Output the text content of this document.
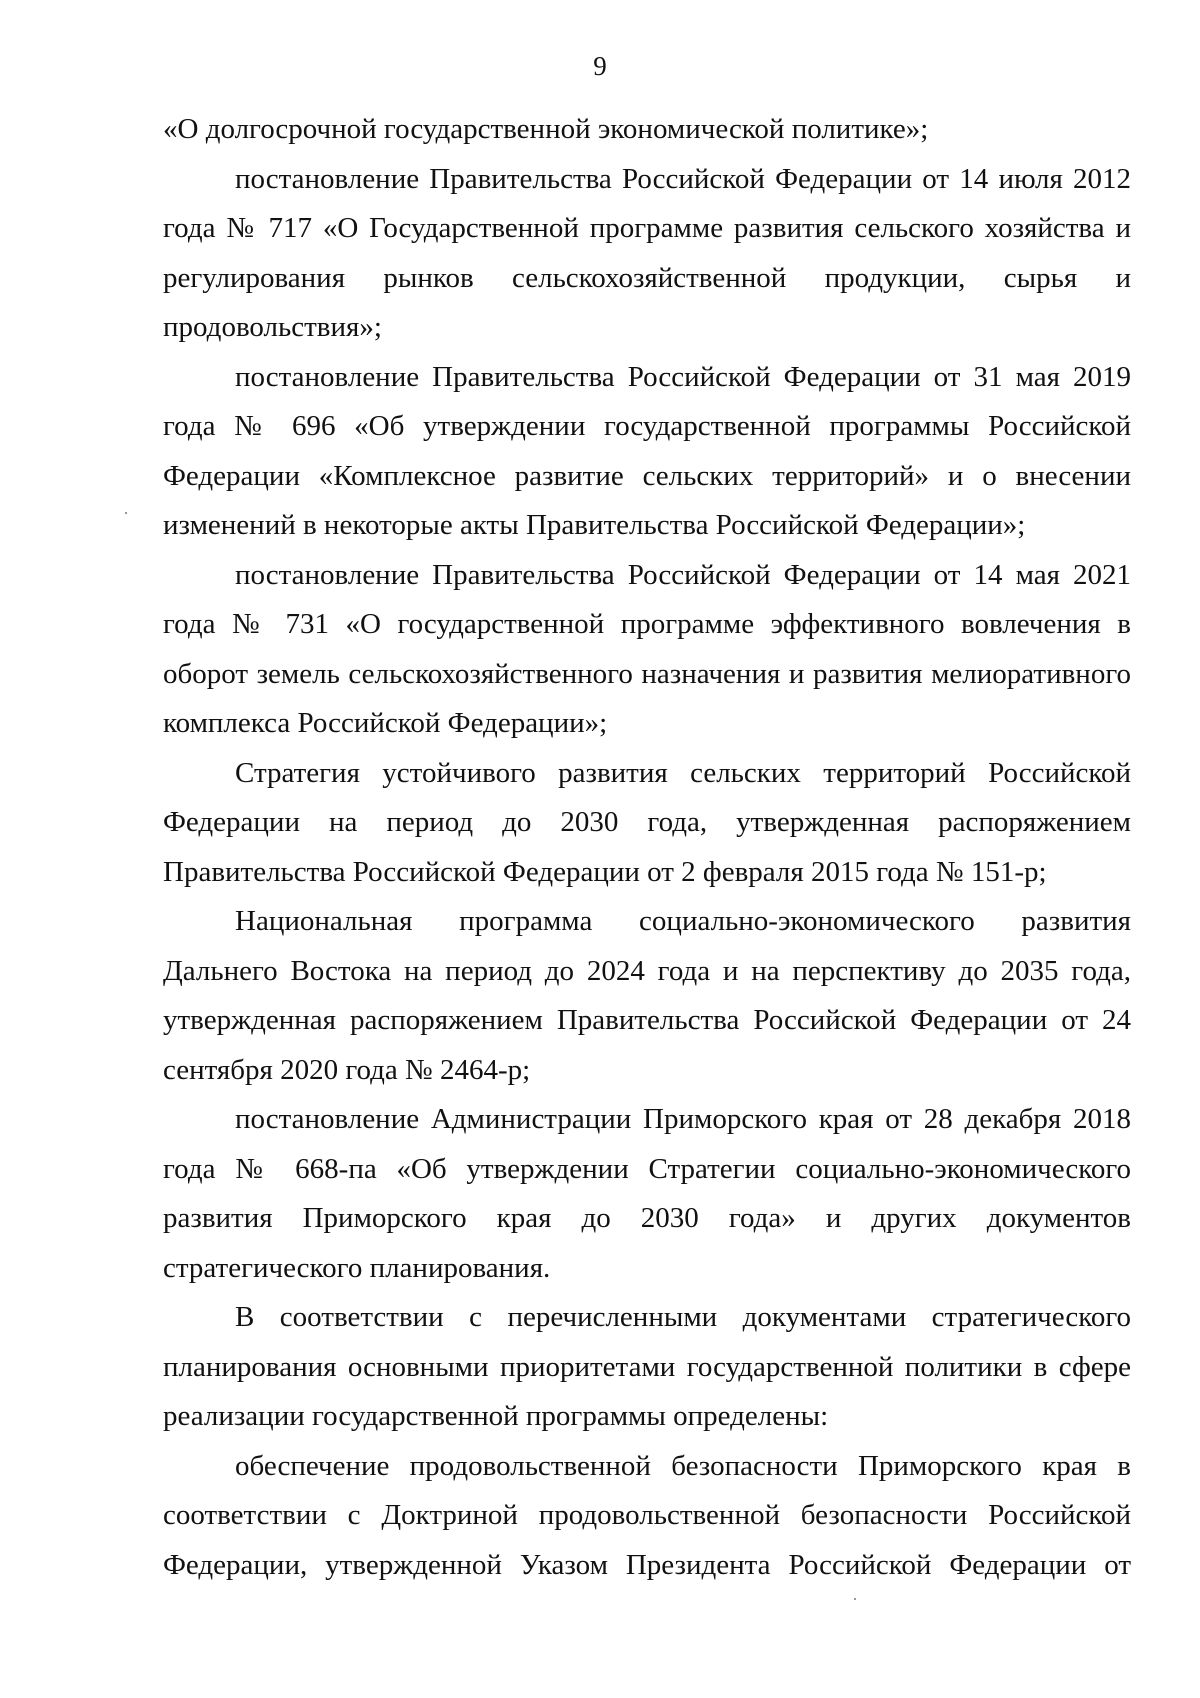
9

«О долгосрочной государственной экономической политике»;

постановление Правительства Российской Федерации от 14 июля 2012 года № 717 «О Государственной программе развития сельского хозяйства и регулирования рынков сельскохозяйственной продукции, сырья и продовольствия»;

постановление Правительства Российской Федерации от 31 мая 2019 года № 696 «Об утверждении государственной программы Российской Федерации «Комплексное развитие сельских территорий» и о внесении изменений в некоторые акты Правительства Российской Федерации»;

постановление Правительства Российской Федерации от 14 мая 2021 года № 731 «О государственной программе эффективного вовлечения в оборот земель сельскохозяйственного назначения и развития мелиоративного комплекса Российской Федерации»;

Стратегия устойчивого развития сельских территорий Российской Федерации на период до 2030 года, утвержденная распоряжением Правительства Российской Федерации от 2 февраля 2015 года № 151-р;

Национальная программа социально-экономического развития Дальнего Востока на период до 2024 года и на перспективу до 2035 года, утвержденная распоряжением Правительства Российской Федерации от 24 сентября 2020 года № 2464-р;

постановление Администрации Приморского края от 28 декабря 2018 года № 668-па «Об утверждении Стратегии социально-экономического развития Приморского края до 2030 года» и других документов стратегического планирования.

В соответствии с перечисленными документами стратегического планирования основными приоритетами государственной политики в сфере реализации государственной программы определены:

обеспечение продовольственной безопасности Приморского края в соответствии с Доктриной продовольственной безопасности Российской Федерации, утвержденной Указом Президента Российской Федерации от
